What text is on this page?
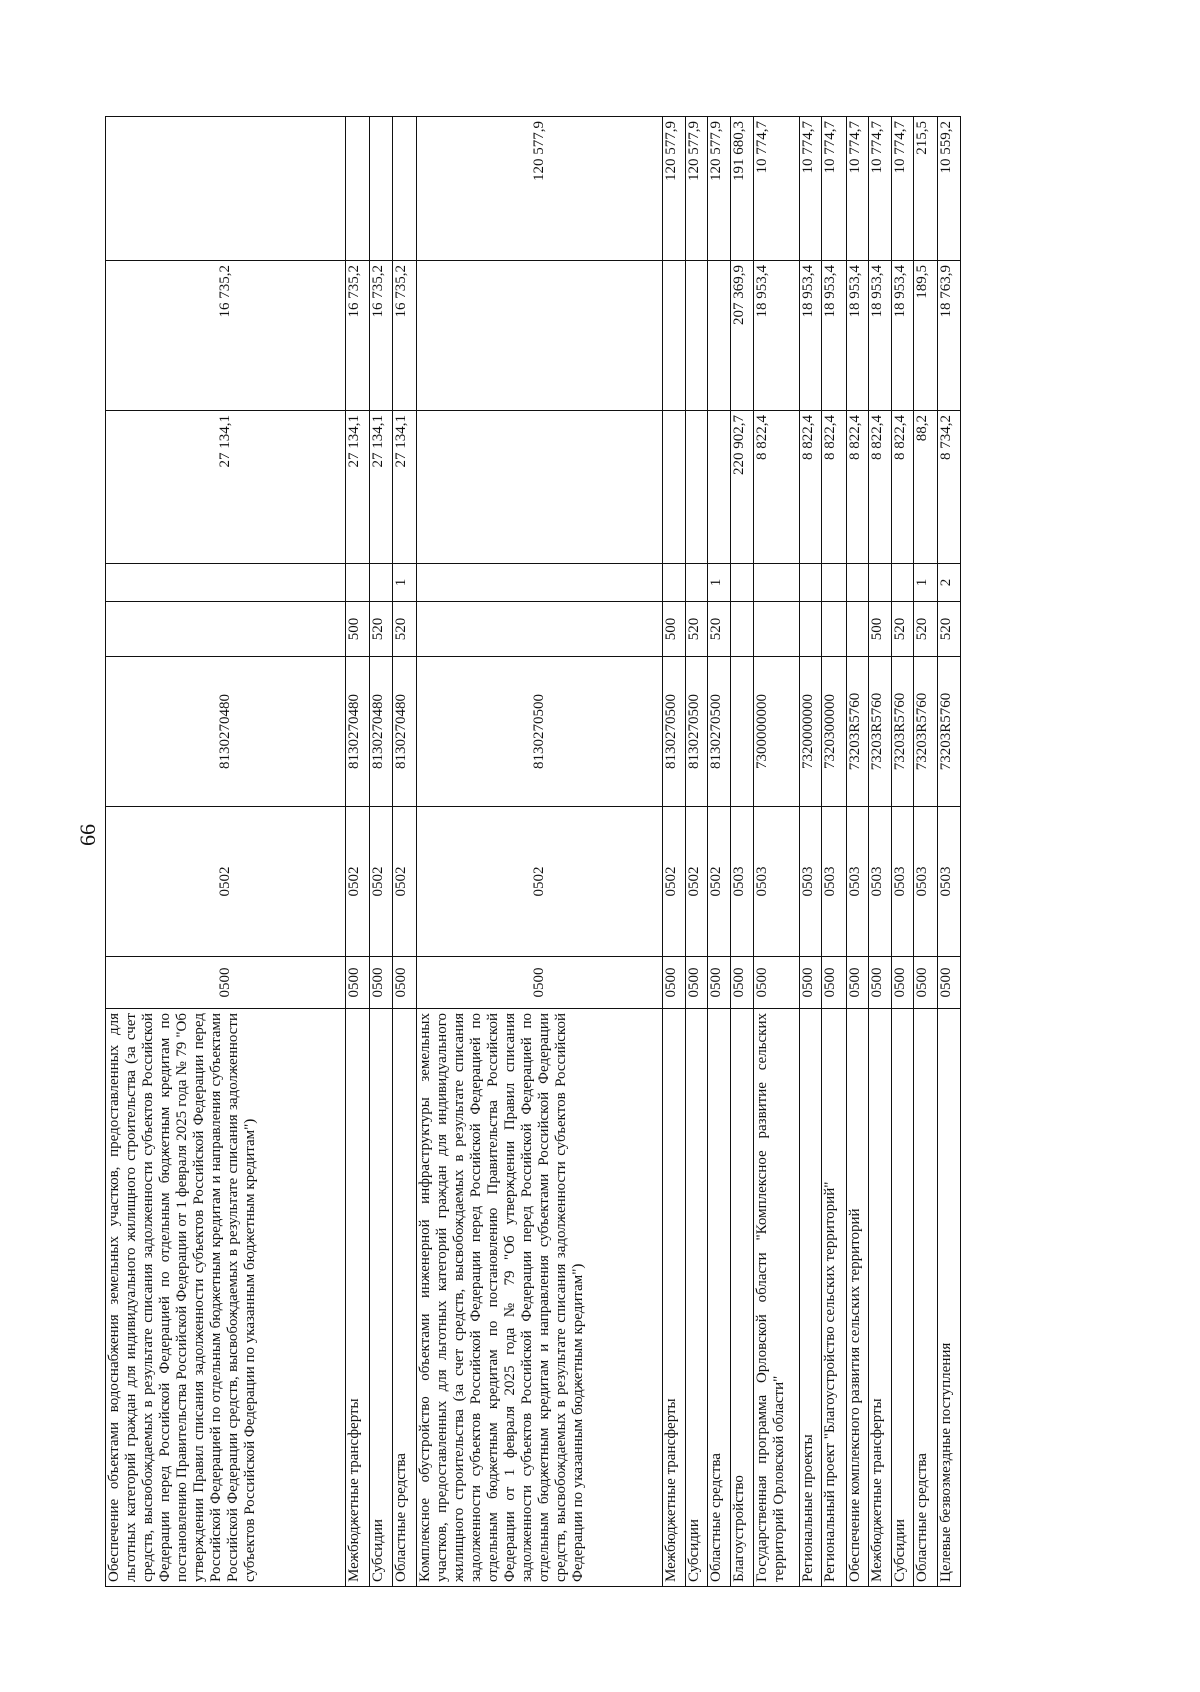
66
Обеспечение объектами водоснабжения земельных участков, предоставленных для льготных категорий граждан для индивидуального жилищного строительства (за счет средств, высвобождаемых в результате списания задолженности субъектов Российской Федерации перед Российской Федерацией по отдельным бюджетным кредитам по постановлению Правительства Российской Федерации от 1 февраля 2025 года № 79 "Об утверждении Правил списания задолженности субъектов Российской Федерации перед Российской Федерацией по отдельным бюджетным кредитам и направления субъектами Российской Федерации средств, высвобождаемых в результате списания задолженности субъектов Российской Федерации по указанным бюджетным кредитам")	0500	0502	8130270480			27 134,1	16 735,2	
Межбюджетные трансферты	0500	0502	8130270480	500		27 134,1	16 735,2	
Субсидии	0500	0502	8130270480	520		27 134,1	16 735,2	
Областные средства	0500	0502	8130270480	520	1	27 134,1	16 735,2	
Комплексное обустройство объектами инженерной инфраструктуры земельных участков, предоставленных для льготных категорий граждан для индивидуального жилищного строительства (за счет средств, высвобождаемых в результате списания задолженности субъектов Российской Федерации перед Российской Федерацией по отдельным бюджетным кредитам по постановлению Правительства Российской Федерации от 1 февраля 2025 года № 79 "Об утверждении Правил списания задолженности субъектов Российской Федерации перед Российской Федерацией по отдельным бюджетным кредитам и направления субъектами Российской Федерации средств, высвобождаемых в результате списания задолженности субъектов Российской Федерации по указанным бюджетным кредитам")	0500	0502	8130270500					120 577,9
Межбюджетные трансферты	0500	0502	8130270500	500				120 577,9
Субсидии	0500	0502	8130270500	520				120 577,9
Областные средства	0500	0502	8130270500	520	1			120 577,9
Благоустройство	0500	0503				220 902,7	207 369,9	191 680,3
Государственная программа Орловской области "Комплексное развитие сельских территорий Орловской области"	0500	0503	7300000000			8 822,4	18 953,4	10 774,7
Региональные проекты	0500	0503	7320000000			8 822,4	18 953,4	10 774,7
Региональный проект "Благоустройство сельских территорий"	0500	0503	7320300000			8 822,4	18 953,4	10 774,7
Обеспечение комплексного развития сельских территорий	0500	0503	73203R5760			8 822,4	18 953,4	10 774,7
Межбюджетные трансферты	0500	0503	73203R5760	500		8 822,4	18 953,4	10 774,7
Субсидии	0500	0503	73203R5760	520		8 822,4	18 953,4	10 774,7
Областные средства	0500	0503	73203R5760	520	1	88,2	189,5	215,5
Целевые безвозмездные поступления	0500	0503	73203R5760	520	2	8 734,2	18 763,9	10 559,2
